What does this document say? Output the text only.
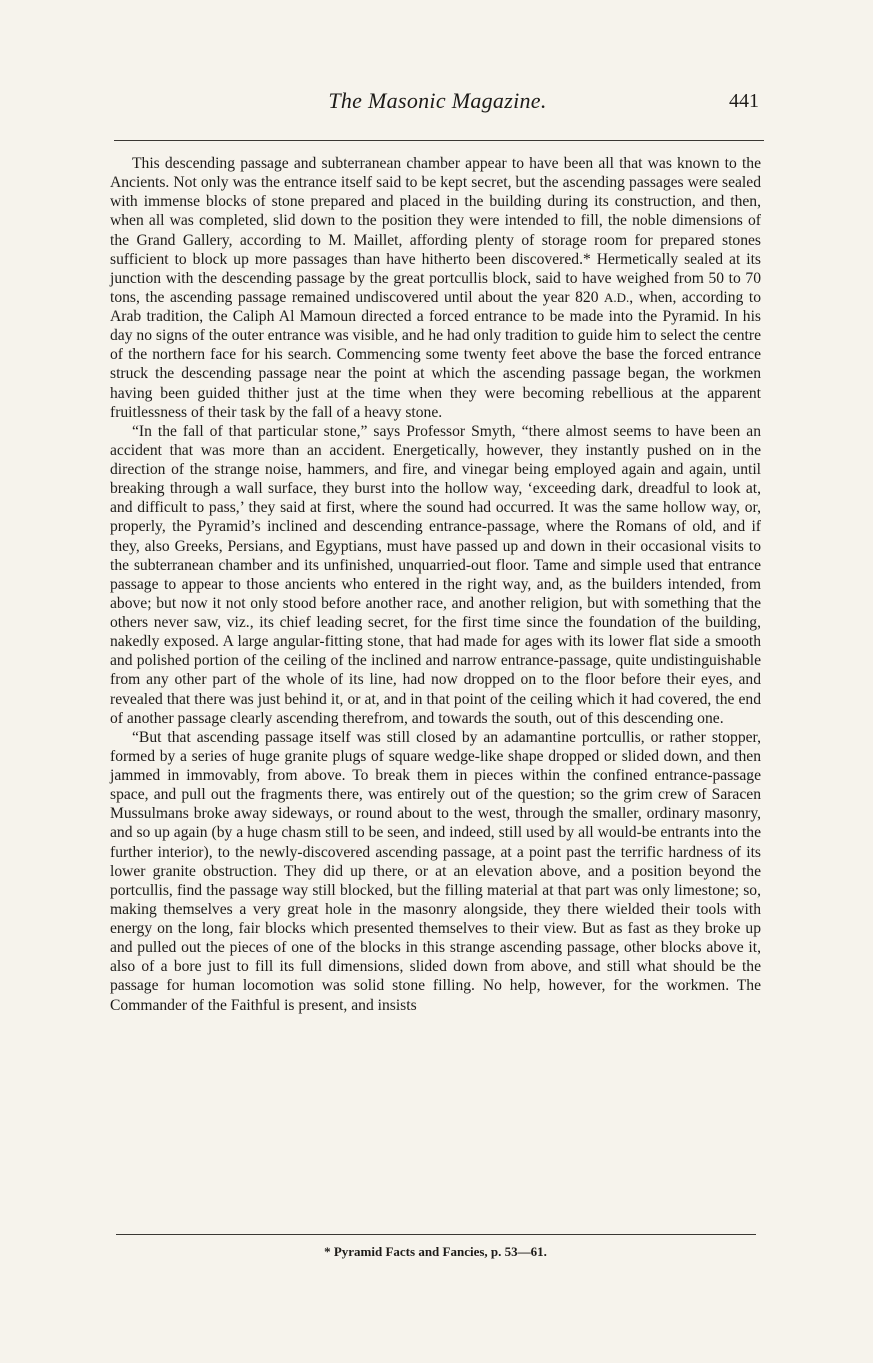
The Masonic Magazine.	441

This descending passage and subterranean chamber appear to have been all that was known to the Ancients. Not only was the entrance itself said to be kept secret, but the ascending passages were sealed with immense blocks of stone prepared and placed in the building during its construction, and then, when all was completed, slid down to the position they were intended to fill, the noble dimensions of the Grand Gallery, according to M. Maillet, affording plenty of storage room for prepared stones sufficient to block up more passages than have hitherto been discovered.* Hermetically sealed at its junction with the descending passage by the great portcullis block, said to have weighed from 50 to 70 tons, the ascending passage remained undiscovered until about the year 820 A.D., when, according to Arab tradition, the Caliph Al Mamoun directed a forced entrance to be made into the Pyramid. In his day no signs of the outer entrance was visible, and he had only tradition to guide him to select the centre of the northern face for his search. Commencing some twenty feet above the base the forced entrance struck the descending passage near the point at which the ascending passage began, the workmen having been guided thither just at the time when they were becoming rebellious at the apparent fruitlessness of their task by the fall of a heavy stone.

“In the fall of that particular stone,” says Professor Smyth, “there almost seems to have been an accident that was more than an accident. Energetically, however, they instantly pushed on in the direction of the strange noise, hammers, and fire, and vinegar being employed again and again, until breaking through a wall surface, they burst into the hollow way, ‘exceeding dark, dreadful to look at, and difficult to pass,’ they said at first, where the sound had occurred. It was the same hollow way, or, properly, the Pyramid’s inclined and descending entrance-passage, where the Romans of old, and if they, also Greeks, Persians, and Egyptians, must have passed up and down in their occasional visits to the subterranean chamber and its unfinished, unquarried-out floor. Tame and simple used that entrance passage to appear to those ancients who entered in the right way, and, as the builders intended, from above; but now it not only stood before another race, and another religion, but with something that the others never saw, viz., its chief leading secret, for the first time since the foundation of the building, nakedly exposed. A large angular-fitting stone, that had made for ages with its lower flat side a smooth and polished portion of the ceiling of the inclined and narrow entrance-passage, quite undistinguishable from any other part of the whole of its line, had now dropped on to the floor before their eyes, and revealed that there was just behind it, or at, and in that point of the ceiling which it had covered, the end of another passage clearly ascending therefrom, and towards the south, out of this descending one.

“But that ascending passage itself was still closed by an adamantine portcullis, or rather stopper, formed by a series of huge granite plugs of square wedge-like shape dropped or slided down, and then jammed in immovably, from above. To break them in pieces within the confined entrance-passage space, and pull out the fragments there, was entirely out of the question; so the grim crew of Saracen Mussulmans broke away sideways, or round about to the west, through the smaller, ordinary masonry, and so up again (by a huge chasm still to be seen, and indeed, still used by all would-be entrants into the further interior), to the newly-discovered ascending passage, at a point past the terrific hardness of its lower granite obstruction. They did up there, or at an elevation above, and a position beyond the portcullis, find the passage way still blocked, but the filling material at that part was only limestone; so, making themselves a very great hole in the masonry alongside, they there wielded their tools with energy on the long, fair blocks which presented themselves to their view. But as fast as they broke up and pulled out the pieces of one of the blocks in this strange ascending passage, other blocks above it, also of a bore just to fill its full dimensions, slided down from above, and still what should be the passage for human locomotion was solid stone filling. No help, however, for the workmen. The Commander of the Faithful is present, and insists

* Pyramid Facts and Fancies, p. 53—61.
